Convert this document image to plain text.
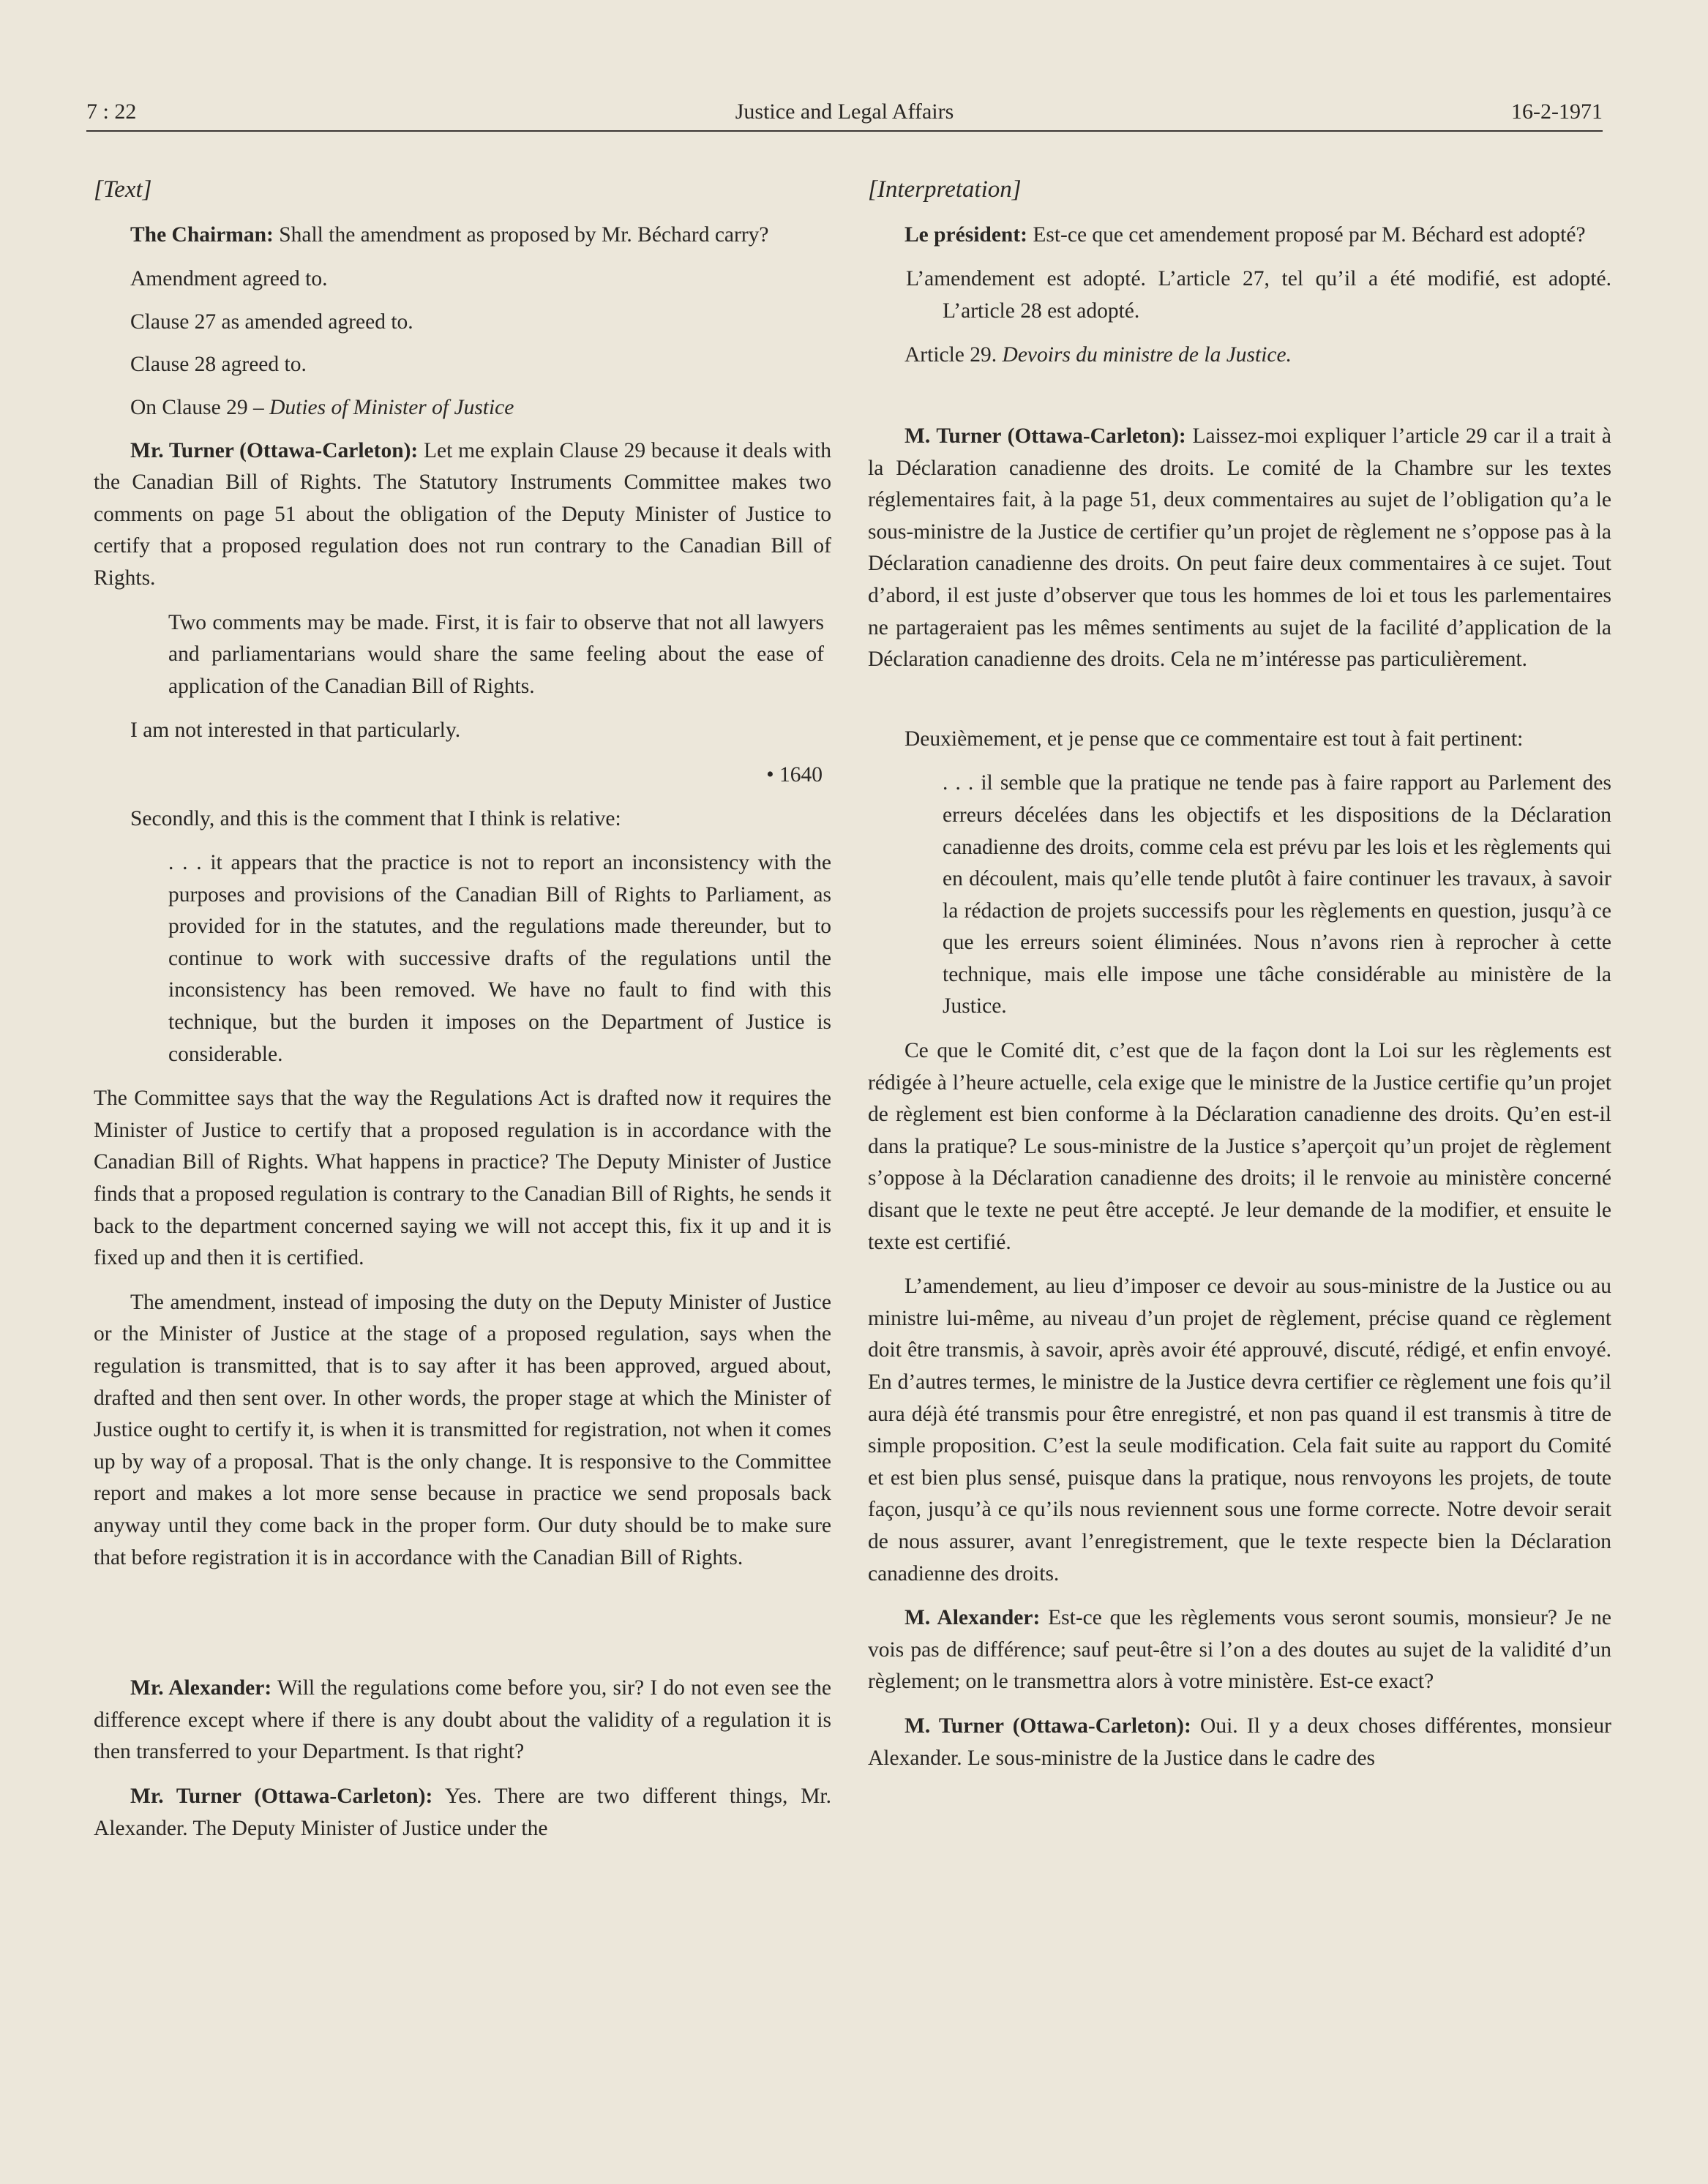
7 : 22	Justice and Legal Affairs	16-2-1971
[Text]

The Chairman: Shall the amendment as proposed by Mr. Béchard carry?

Amendment agreed to.
Clause 27 as amended agreed to.
Clause 28 agreed to.
On Clause 29 – Duties of Minister of Justice

Mr. Turner (Ottawa-Carleton): Let me explain Clause 29 because it deals with the Canadian Bill of Rights. The Statutory Instruments Committee makes two comments on page 51 about the obligation of the Deputy Minister of Justice to certify that a proposed regulation does not run contrary to the Canadian Bill of Rights.

Two comments may be made. First, it is fair to observe that not all lawyers and parliamentarians would share the same feeling about the ease of application of the Canadian Bill of Rights.

I am not interested in that particularly.

• 1640

Secondly, and this is the comment that I think is relative:

. . . it appears that the practice is not to report an inconsistency with the purposes and provisions of the Canadian Bill of Rights to Parliament, as provided for in the statutes, and the regulations made thereunder, but to continue to work with successive drafts of the regulations until the inconsistency has been removed. We have no fault to find with this technique, but the burden it imposes on the Department of Justice is considerable.

The Committee says that the way the Regulations Act is drafted now it requires the Minister of Justice to certify that a proposed regulation is in accordance with the Canadian Bill of Rights. What happens in practice? The Deputy Minister of Justice finds that a proposed regulation is contrary to the Canadian Bill of Rights, he sends it back to the department concerned saying we will not accept this, fix it up and it is fixed up and then it is certified.

The amendment, instead of imposing the duty on the Deputy Minister of Justice or the Minister of Justice at the stage of a proposed regulation, says when the regulation is transmitted, that is to say after it has been approved, argued about, drafted and then sent over. In other words, the proper stage at which the Minister of Justice ought to certify it, is when it is transmitted for registration, not when it comes up by way of a proposal. That is the only change. It is responsive to the Committee report and makes a lot more sense because in practice we send proposals back anyway until they come back in the proper form. Our duty should be to make sure that before registration it is in accordance with the Canadian Bill of Rights.

Mr. Alexander: Will the regulations come before you, sir? I do not even see the difference except where if there is any doubt about the validity of a regulation it is then transferred to your Department. Is that right?

Mr. Turner (Ottawa-Carleton): Yes. There are two different things, Mr. Alexander. The Deputy Minister of Justice under the

[Interpretation]

Le président: Est-ce que cet amendement proposé par M. Béchard est adopté?

L’amendement est adopté. L’article 27, tel qu’il a été modifié, est adopté. L’article 28 est adopté.

Article 29. Devoirs du ministre de la Justice.

M. Turner (Ottawa-Carleton): Laissez-moi expliquer l’article 29 car il a trait à la Déclaration canadienne des droits. Le comité de la Chambre sur les textes réglementaires fait, à la page 51, deux commentaires au sujet de l’obligation qu’a le sous-ministre de la Justice de certifier qu’un projet de règlement ne s’oppose pas à la Déclaration canadienne des droits. On peut faire deux commentaires à ce sujet. Tout d’abord, il est juste d’observer que tous les hommes de loi et tous les parlementaires ne partageraient pas les mêmes sentiments au sujet de la facilité d’application de la Déclaration canadienne des droits. Cela ne m’intéresse pas particulièrement.

Deuxièmement, et je pense que ce commentaire est tout à fait pertinent:

. . . il semble que la pratique ne tende pas à faire rapport au Parlement des erreurs décelées dans les objectifs et les dispositions de la Déclaration canadienne des droits, comme cela est prévu par les lois et les règlements qui en découlent, mais qu’elle tende plutôt à faire continuer les travaux, à savoir la rédaction de projets successifs pour les règlements en question, jusqu’à ce que les erreurs soient éliminées. Nous n’avons rien à reprocher à cette technique, mais elle impose une tâche considérable au ministère de la Justice.

Ce que le Comité dit, c’est que de la façon dont la Loi sur les règlements est rédigée à l’heure actuelle, cela exige que le ministre de la Justice certifie qu’un projet de règlement est bien conforme à la Déclaration canadienne des droits. Qu’en est-il dans la pratique? Le sous-ministre de la Justice s’aperçoit qu’un projet de règlement s’oppose à la Déclaration canadienne des droits; il le renvoie au ministère concerné disant que le texte ne peut être accepté. Je leur demande de la modifier, et ensuite le texte est certifié.

L’amendement, au lieu d’imposer ce devoir au sous-ministre de la Justice ou au ministre lui-même, au niveau d’un projet de règlement, précise quand ce règlement doit être transmis, à savoir, après avoir été approuvé, discuté, rédigé, et enfin envoyé. En d’autres termes, le ministre de la Justice devra certifier ce règlement une fois qu’il aura déjà été transmis pour être enregistré, et non pas quand il est transmis à titre de simple proposition. C’est la seule modification. Cela fait suite au rapport du Comité et est bien plus sensé, puisque dans la pratique, nous renvoyons les projets, de toute façon, jusqu’à ce qu’ils nous reviennent sous une forme correcte. Notre devoir serait de nous assurer, avant l’enregistrement, que le texte respecte bien la Déclaration canadienne des droits.

M. Alexander: Est-ce que les règlements vous seront soumis, monsieur? Je ne vois pas de différence; sauf peut-être si l’on a des doutes au sujet de la validité d’un règlement; on le transmettra alors à votre ministère. Est-ce exact?

M. Turner (Ottawa-Carleton): Oui. Il y a deux choses différentes, monsieur Alexander. Le sous-ministre de la Justice dans le cadre des
